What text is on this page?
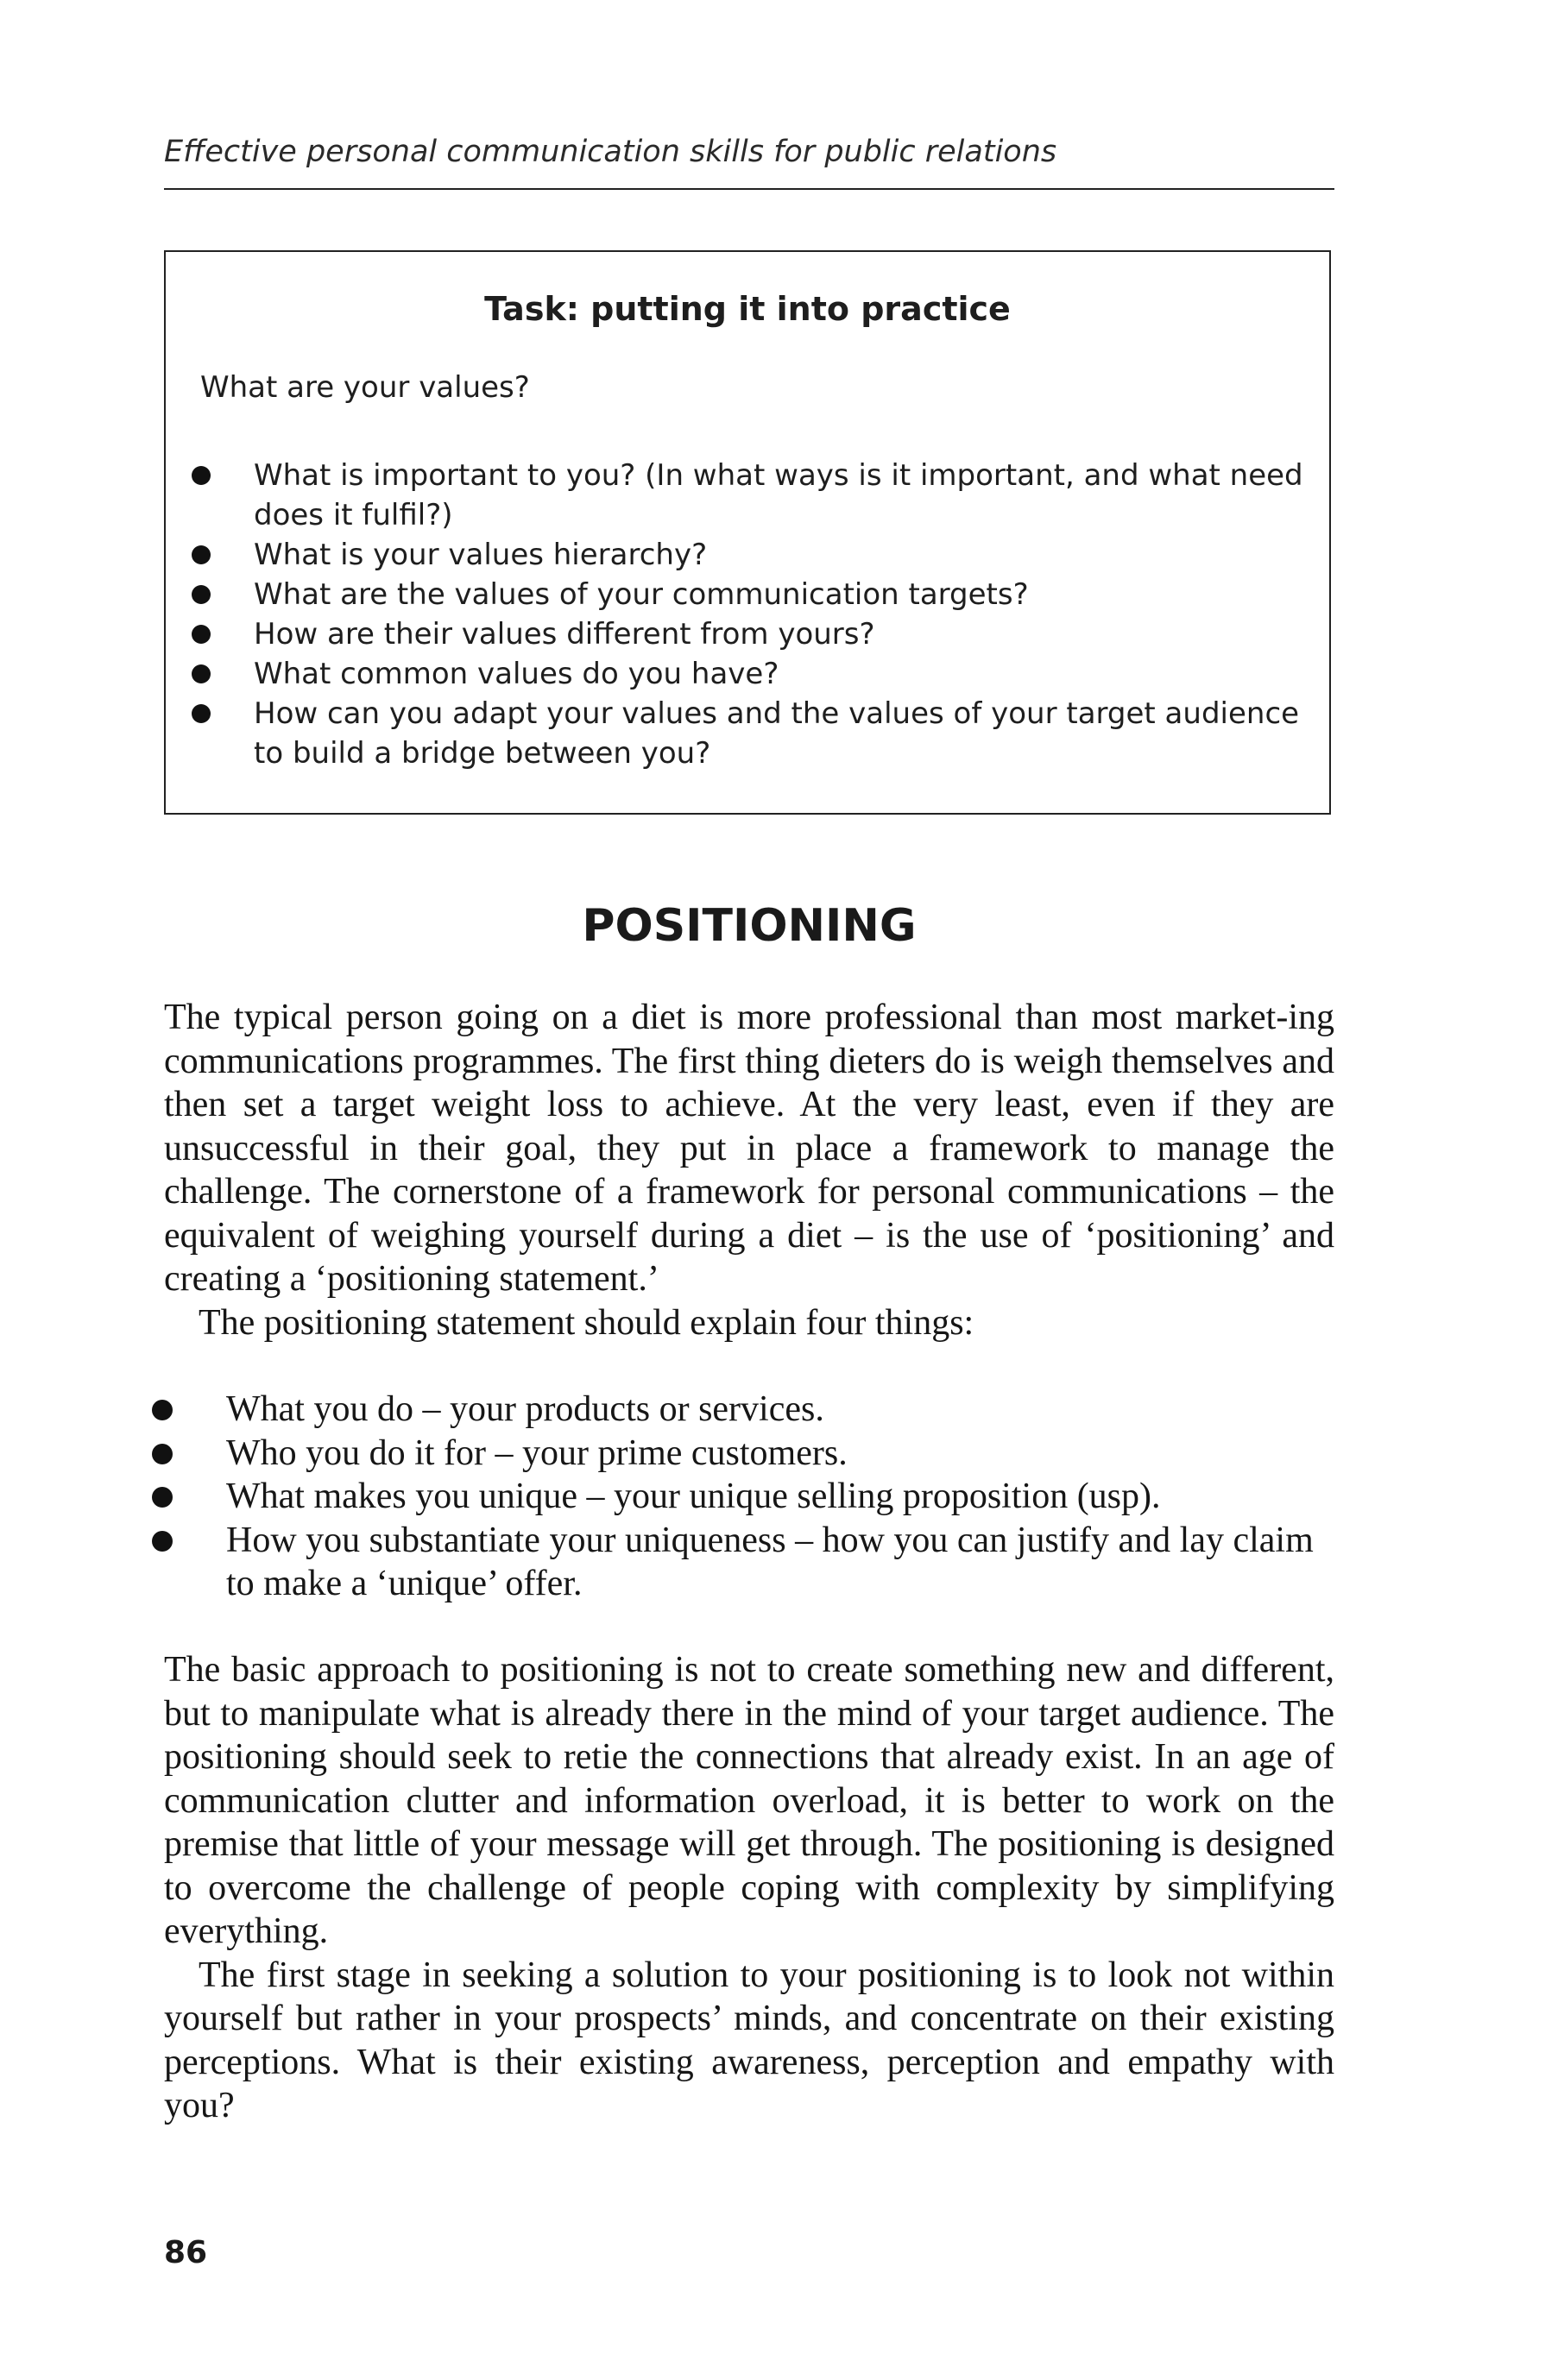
Effective personal communication skills for public relations
Task: putting it into practice
What are your values?
What is important to you? (In what ways is it important, and what need does it fulfil?)
What is your values hierarchy?
What are the values of your communication targets?
How are their values different from yours?
What common values do you have?
How can you adapt your values and the values of your target audience to build a bridge between you?
POSITIONING

The typical person going on a diet is more professional than most market-ing communications programmes. The first thing dieters do is weigh themselves and then set a target weight loss to achieve. At the very least, even if they are unsuccessful in their goal, they put in place a framework to manage the challenge. The cornerstone of a framework for personal communications – the equivalent of weighing yourself during a diet – is the use of ‘positioning’ and creating a ‘positioning statement.’

The positioning statement should explain four things:

What you do – your products or services.
Who you do it for – your prime customers.
What makes you unique – your unique selling proposition (usp).
How you substantiate your uniqueness – how you can justify and lay claim to make a ‘unique’ offer.

The basic approach to positioning is not to create something new and different, but to manipulate what is already there in the mind of your target audience. The positioning should seek to retie the connections that already exist. In an age of communication clutter and information overload, it is better to work on the premise that little of your message will get through. The positioning is designed to overcome the challenge of people coping with complexity by simplifying everything.

The first stage in seeking a solution to your positioning is to look not within yourself but rather in your prospects’ minds, and concentrate on their existing perceptions. What is their existing awareness, perception and empathy with you?

86
